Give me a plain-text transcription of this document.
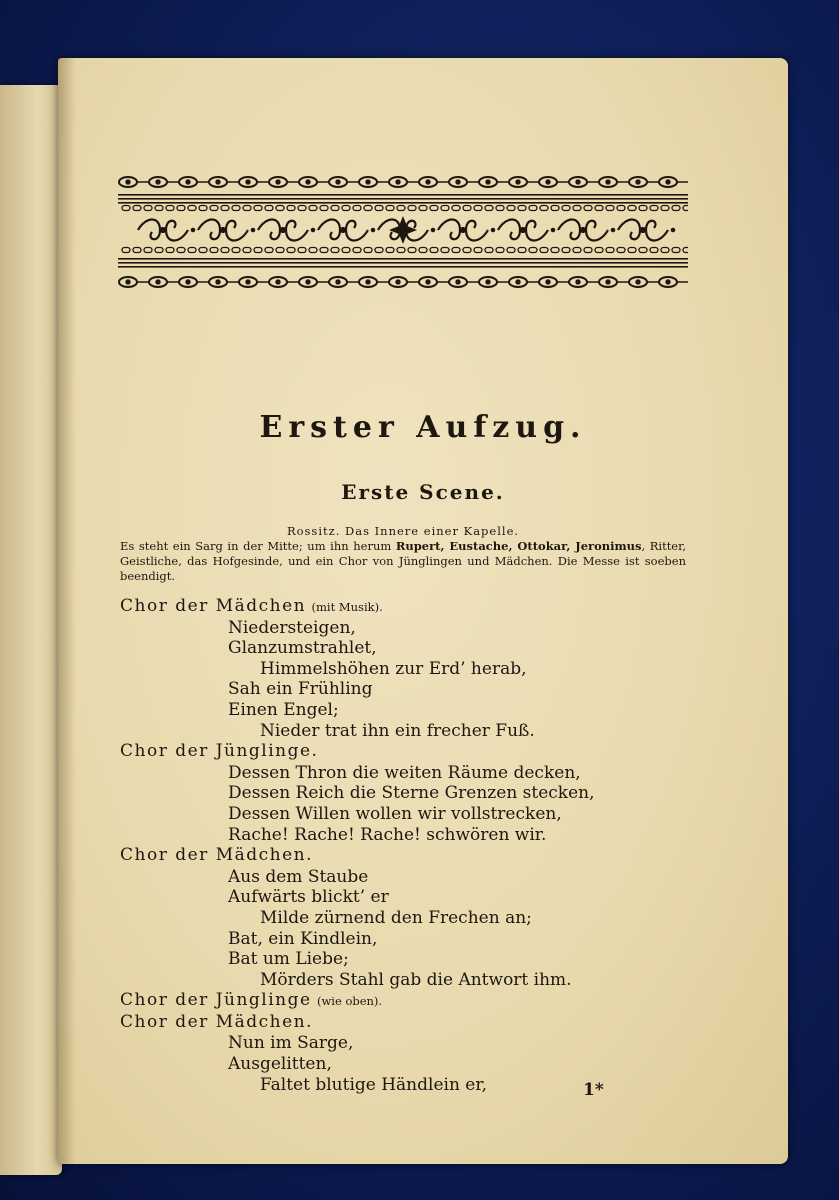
Erster Aufzug.
Erste Scene.
Rossitz. Das Innere einer Kapelle.
Es steht ein Sarg in der Mitte; um ihn herum Rupert, Eustache, Ottokar, Jeronimus, Ritter, Geistliche, das Hofgesinde, und ein Chor von Jünglingen und Mädchen. Die Messe ist soeben beendigt.
Chor der Mädchen (mit Musik).
Niedersteigen,
Glanzumstrahlet,
Himmelshöhen zur Erd’ herab,
Sah ein Frühling
Einen Engel;
Nieder trat ihn ein frecher Fuß.
Chor der Jünglinge.
Dessen Thron die weiten Räume decken,
Dessen Reich die Sterne Grenzen stecken,
Dessen Willen wollen wir vollstrecken,
Rache! Rache! Rache! schwören wir.
Chor der Mädchen.
Aus dem Staube
Aufwärts blickt’ er
Milde zürnend den Frechen an;
Bat, ein Kindlein,
Bat um Liebe;
Mörders Stahl gab die Antwort ihm.
Chor der Jünglinge (wie oben).
Chor der Mädchen.
Nun im Sarge,
Ausgelitten,
Faltet blutige Händlein er,	1*
